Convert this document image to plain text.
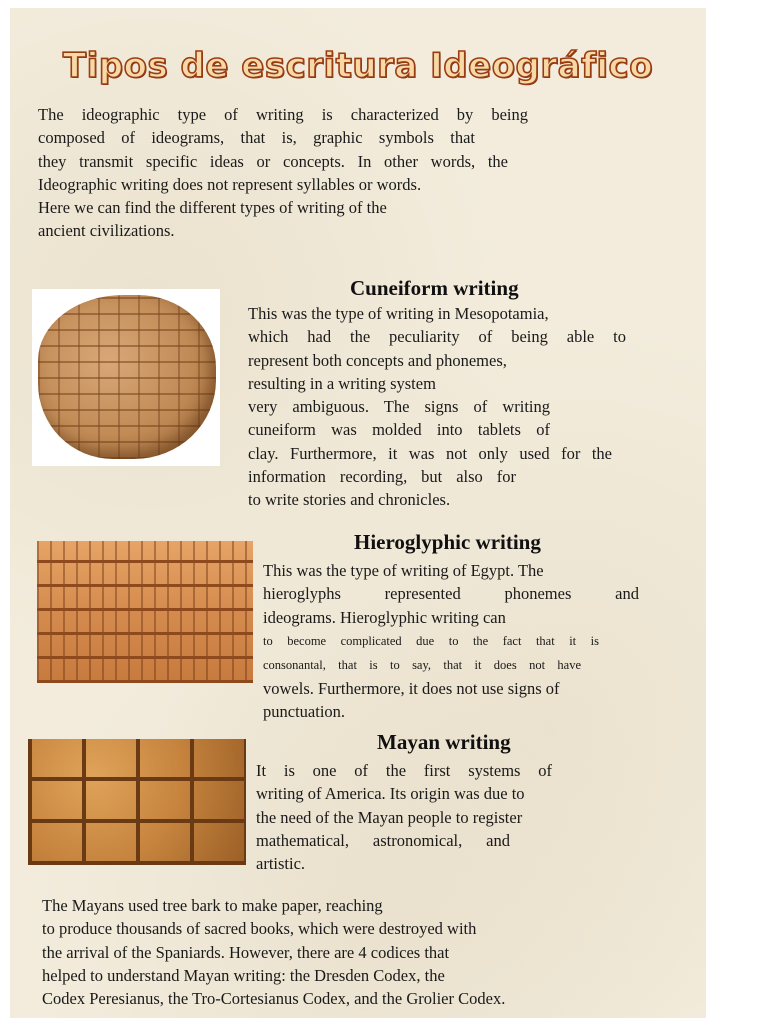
Tipos de escritura Ideográfico

The ideographic type of writing is characterized by being

composed of ideograms, that is, graphic symbols that

they transmit specific ideas or concepts. In other words, the

Ideographic writing does not represent syllables or words.

Here we can find the different types of writing of the

ancient civilizations.

Cuneiform writing

This was the type of writing in Mesopotamia,

which had the peculiarity of being able to

represent both concepts and phonemes,

resulting in a writing system

very ambiguous. The signs of writing

cuneiform was molded into tablets of

clay. Furthermore, it was not only used for the

information recording, but also for

to write stories and chronicles.

Hieroglyphic writing

This was the type of writing of Egypt. The

hieroglyphs represented phonemes and

ideograms. Hieroglyphic writing can

to become complicated due to the fact that it is

consonantal, that is to say, that it does not have

vowels. Furthermore, it does not use signs of

punctuation.

Mayan writing

It is one of the first systems of

writing of America. Its origin was due to

the need of the Mayan people to register

mathematical, astronomical, and

artistic.

The Mayans used tree bark to make paper, reaching

to produce thousands of sacred books, which were destroyed with

the arrival of the Spaniards. However, there are 4 codices that

helped to understand Mayan writing: the Dresden Codex, the

Codex Peresianus, the Tro-Cortesianus Codex, and the Grolier Codex.
